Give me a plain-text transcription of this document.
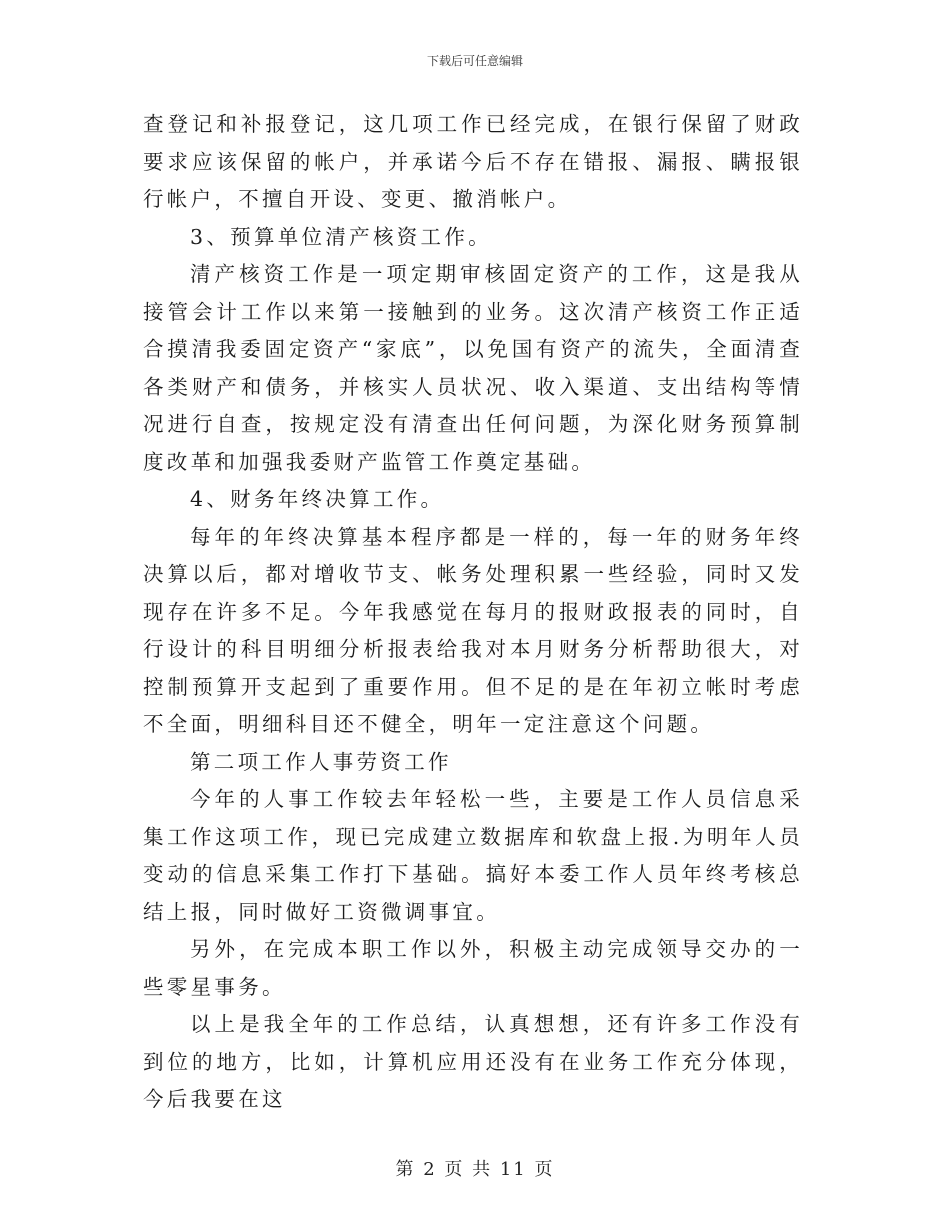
下载后可任意编辑

查登记和补报登记，这几项工作已经完成，在银行保留了财政要求应该保留的帐户，并承诺今后不存在错报、漏报、瞒报银行帐户，不擅自开设、变更、撤消帐户。

3、预算单位清产核资工作。

清产核资工作是一项定期审核固定资产的工作，这是我从接管会计工作以来第一接触到的业务。这次清产核资工作正适合摸清我委固定资产“家底”，以免国有资产的流失，全面清查各类财产和债务，并核实人员状况、收入渠道、支出结构等情况进行自查，按规定没有清查出任何问题，为深化财务预算制度改革和加强我委财产监管工作奠定基础。

4、财务年终决算工作。

每年的年终决算基本程序都是一样的，每一年的财务年终决算以后，都对增收节支、帐务处理积累一些经验，同时又发现存在许多不足。今年我感觉在每月的报财政报表的同时，自行设计的科目明细分析报表给我对本月财务分析帮助很大，对控制预算开支起到了重要作用。但不足的是在年初立帐时考虑不全面，明细科目还不健全，明年一定注意这个问题。

第二项工作人事劳资工作

今年的人事工作较去年轻松一些，主要是工作人员信息采集工作这项工作，现已完成建立数据库和软盘上报.为明年人员变动的信息采集工作打下基础。搞好本委工作人员年终考核总结上报，同时做好工资微调事宜。

另外，在完成本职工作以外，积极主动完成领导交办的一些零星事务。

以上是我全年的工作总结，认真想想，还有许多工作没有到位的地方，比如，计算机应用还没有在业务工作充分体现，今后我要在这

第 2 页 共 11 页
